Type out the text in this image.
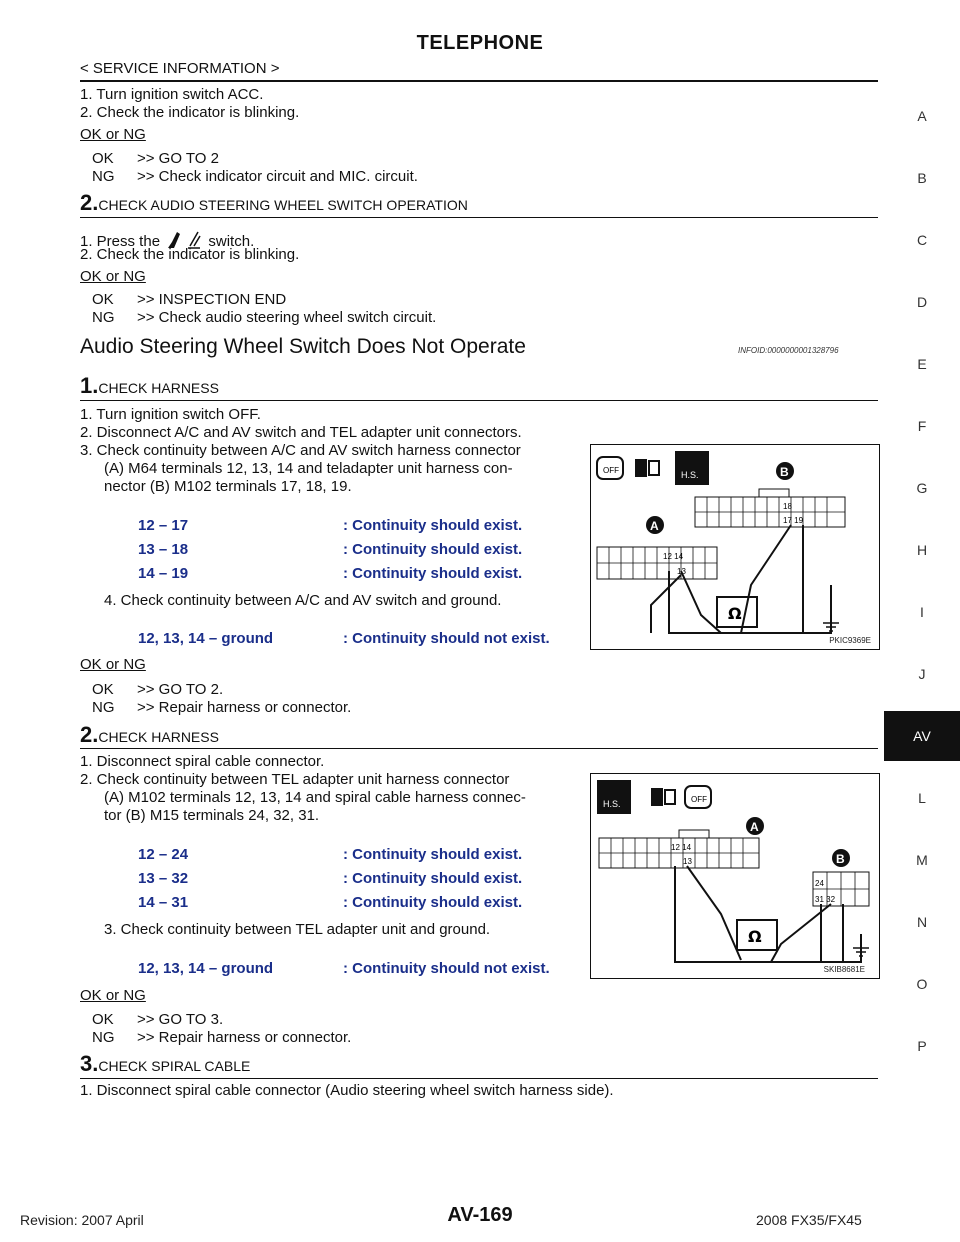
TELEPHONE
< SERVICE INFORMATION >
1. Turn ignition switch ACC.
2. Check the indicator is blinking.
OK or NG
OK >> GO TO 2
NG >> Check indicator circuit and MIC. circuit.
2.CHECK AUDIO STEERING WHEEL SWITCH OPERATION
1. Press the	switch.
2. Check the indicator is blinking.
OK or NG
OK >> INSPECTION END
NG >> Check audio steering wheel switch circuit.
Audio Steering Wheel Switch Does Not Operate	INFOID:0000000001328796
1.CHECK HARNESS
1. Turn ignition switch OFF.
2. Disconnect A/C and AV switch and TEL adapter unit connectors.
3. Check continuity between A/C and AV switch harness connector
(A) M64 terminals 12, 13, 14 and teladapter unit harness con-
nector (B) M102 terminals 17, 18, 19.
12 – 17	: Continuity should exist.
13 – 18	: Continuity should exist.
14 – 19	: Continuity should exist.
4. Check continuity between A/C and AV switch and ground.
12, 13, 14 – ground	: Continuity should not exist.
OK or NG
OK >> GO TO 2.
NG >> Repair harness or connector.
OFF	H.S.	B
18
17 19
A
12 14
13
Ω
PKIC9369E
2.CHECK HARNESS
1. Disconnect spiral cable connector.
2. Check continuity between TEL adapter unit harness connector
(A) M102 terminals 12, 13, 14 and spiral cable harness connec-
tor (B) M15 terminals 24, 32, 31.
12 – 24	: Continuity should exist.
13 – 32	: Continuity should exist.
14 – 31	: Continuity should exist.
3. Check continuity between TEL adapter unit and ground.
12, 13, 14 – ground	: Continuity should not exist.
OK or NG
OK >> GO TO 3.
NG >> Repair harness or connector.
H.S.	OFF
A
12 14
13	B
24
31 32
Ω
SKIB8681E
3.CHECK SPIRAL CABLE
1. Disconnect spiral cable connector (Audio steering wheel switch harness side).
A
B
C
D
E
F
G
H
I
J
AV
L
M
N
O
P
AV-169
Revision: 2007 April	2008 FX35/FX45
